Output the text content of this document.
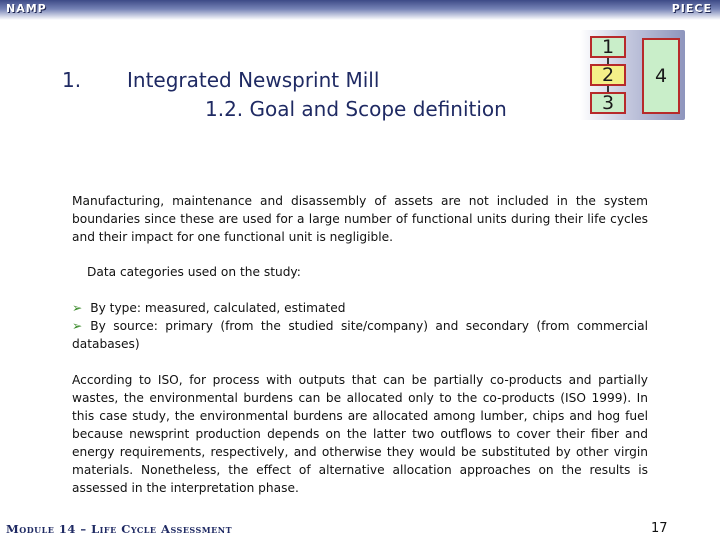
NAMP	PIECE
1. Integrated Newsprint Mill
1.2. Goal and Scope definition
1
2
3
4

Manufacturing, maintenance and disassembly of assets are not included in the system boundaries since these are used for a large number of functional units during their life cycles and their impact for one functional unit is negligible.

Data categories used on the study:

➢ By type: measured, calculated, estimated

➢ By source: primary (from the studied site/company) and secondary (from commercial databases)

According to ISO, for process with outputs that can be partially co-products and partially wastes, the environmental burdens can be allocated only to the co-products (ISO 1999). In this case study, the environmental burdens are allocated among lumber, chips and hog fuel because newsprint production depends on the latter two outflows to cover their fiber and energy requirements, respectively, and otherwise they would be substituted by other virgin materials. Nonetheless, the effect of alternative allocation approaches on the results is assessed in the interpretation phase.

Module 14 – Life Cycle Assessment	17
